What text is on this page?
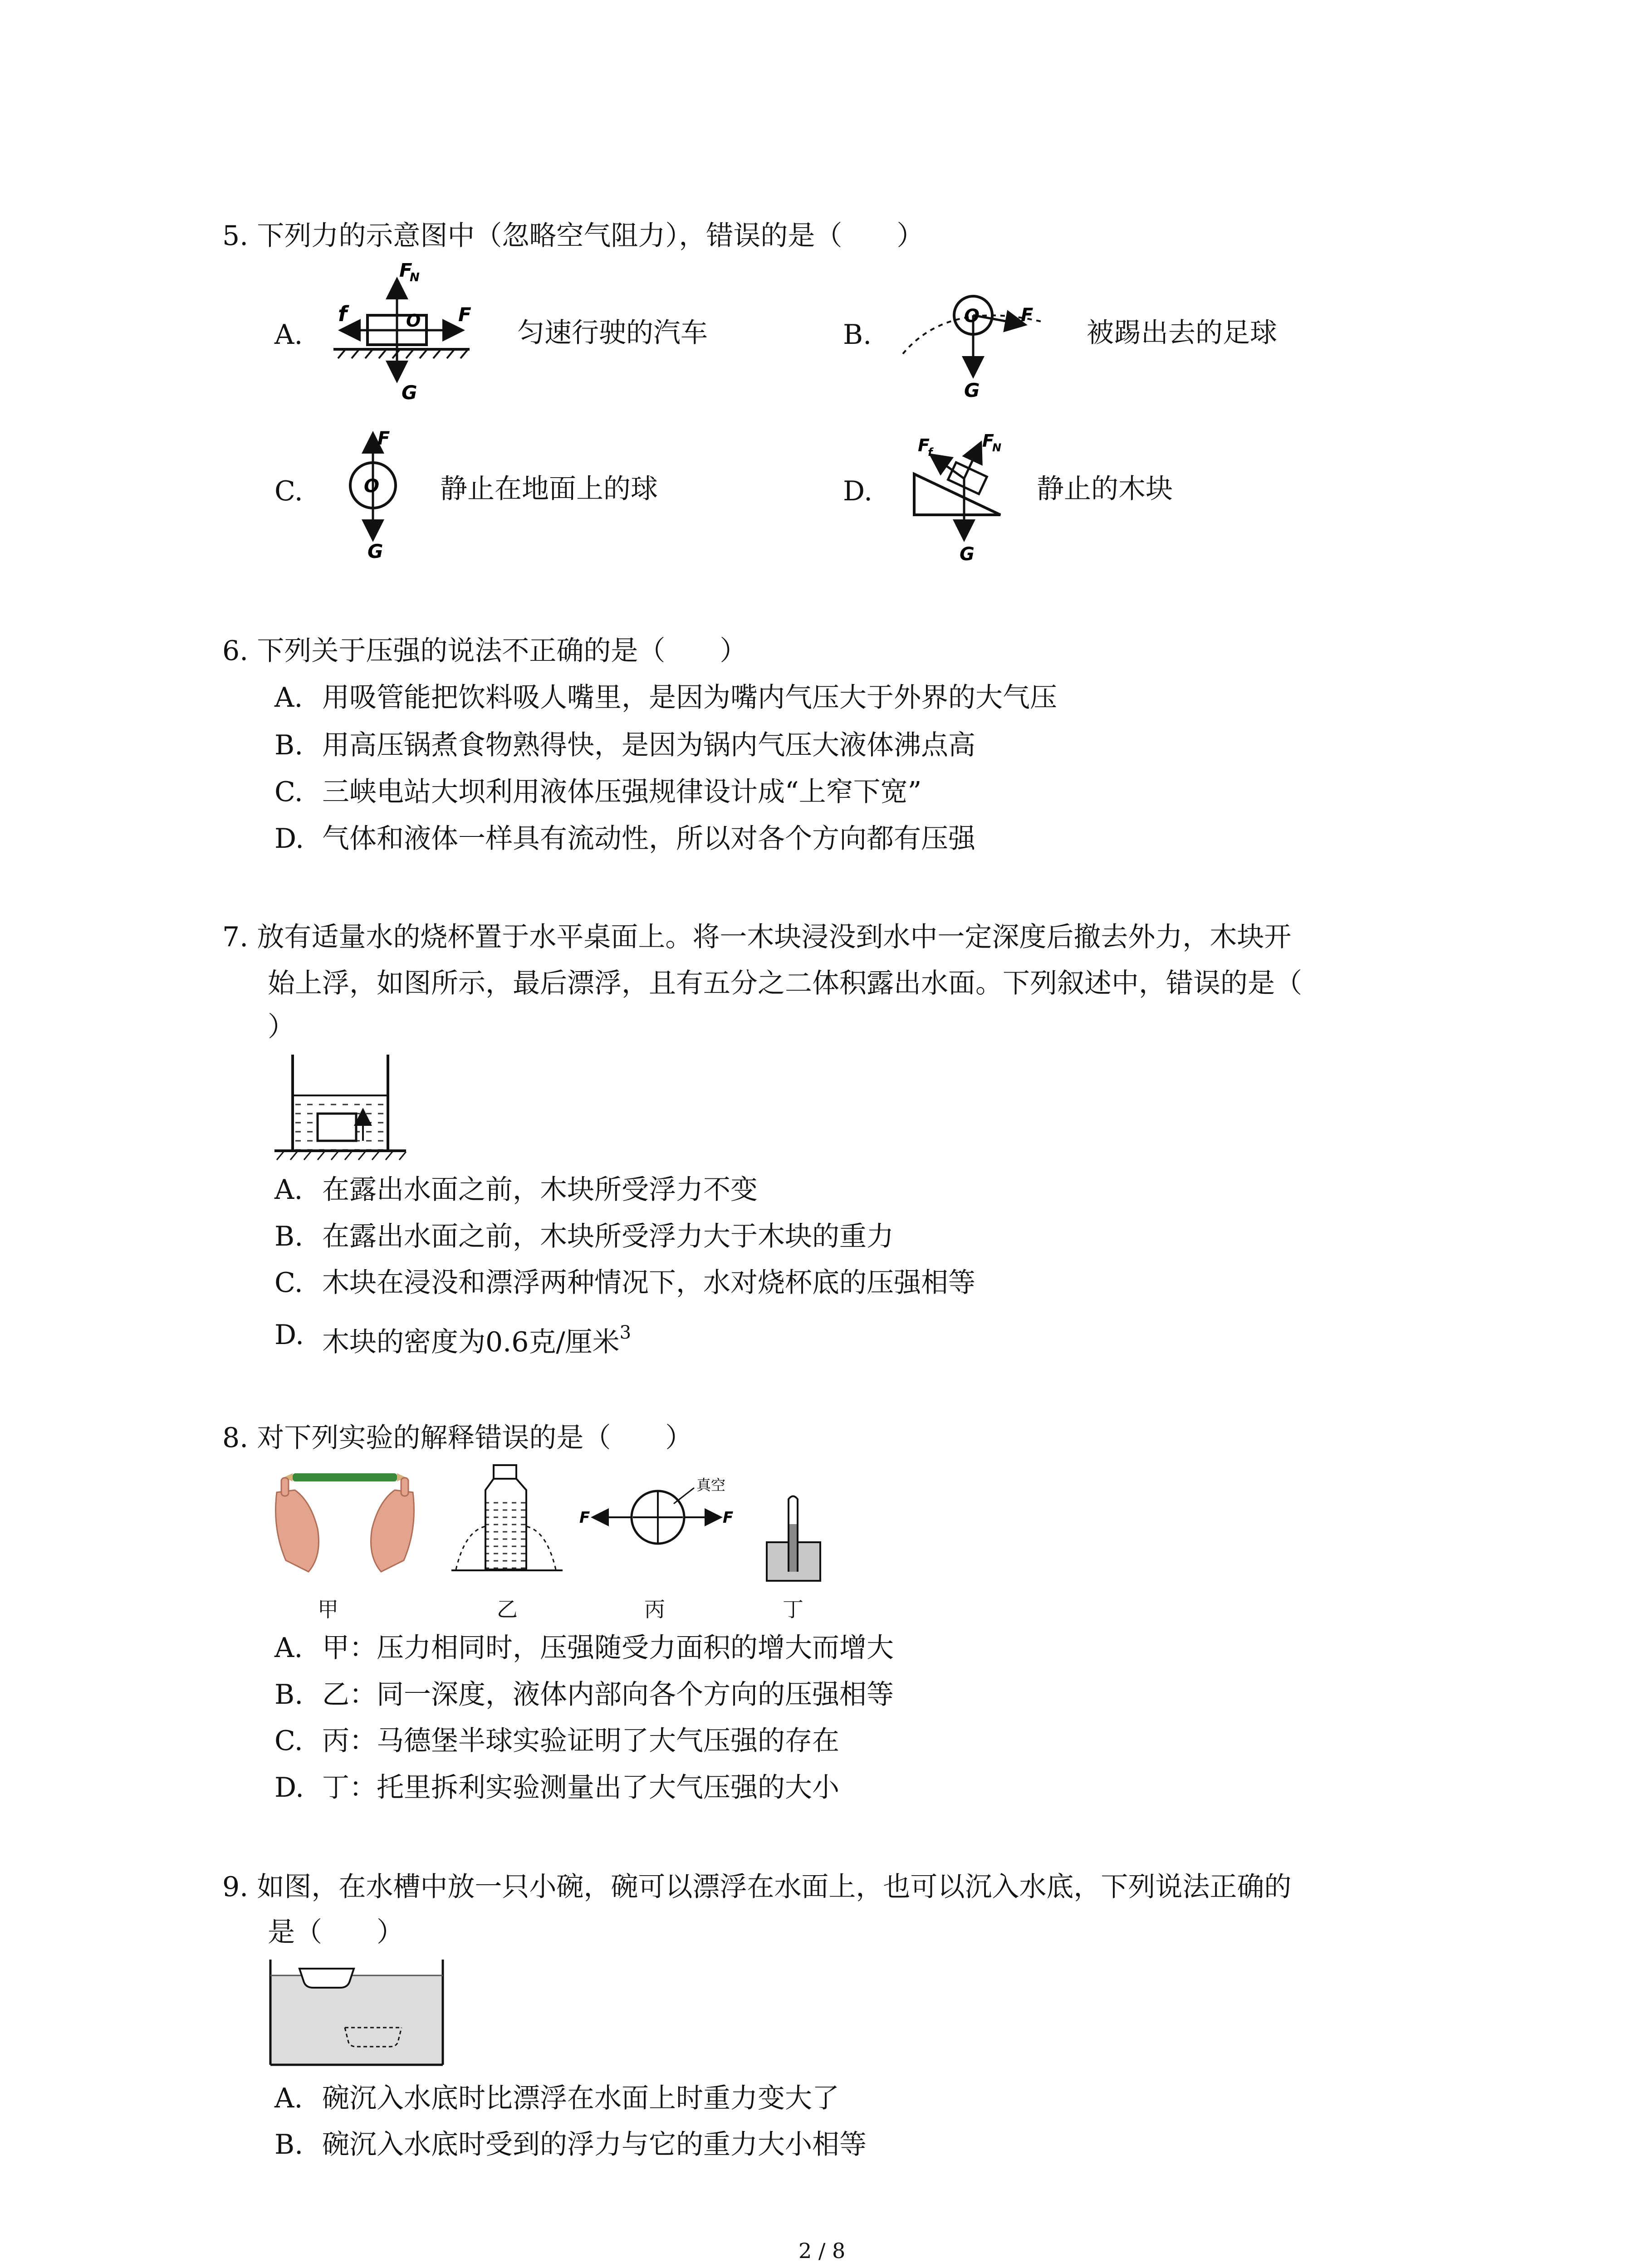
5. 下列力的示意图中（忽略空气阻力），错误的是（　　）
A.
F
N
f	O F
G
匀速行驶的汽车	B.
O F
G
被踢出去的足球
C.
F
O
G
静止在地面上的球	D.
F
f
F
N
G
静止的木块
6. 下列关于压强的说法不正确的是（　　）
A. 用吸管能把饮料吸人嘴里，是因为嘴内气压大于外界的大气压
B. 用高压锅煮食物熟得快，是因为锅内气压大液体沸点高
C. 三峡电站大坝利用液体压强规律设计成“上窄下宽”
D. 气体和液体一样具有流动性，所以对各个方向都有压强
7. 放有适量水的烧杯置于水平桌面上。将一木块浸没到水中一定深度后撤去外力，木块开
始上浮，如图所示，最后漂浮，且有五分之二体积露出水面。下列叙述中，错误的是（
）
A. 在露出水面之前，木块所受浮力不变
B. 在露出水面之前，木块所受浮力大于木块的重力
C. 木块在浸没和漂浮两种情况下，水对烧杯底的压强相等
D. 木块的密度为0.6克/厘米$^3$
8. 对下列实验的解释错误的是（　　）
F	F
真空
甲	乙	丙	丁
A. 甲：压力相同时，压强随受力面积的增大而增大
B. 乙：同一深度，液体内部向各个方向的压强相等
C. 丙：马德堡半球实验证明了大气压强的存在
D. 丁：托里拆利实验测量出了大气压强的大小
9. 如图，在水槽中放一只小碗，碗可以漂浮在水面上，也可以沉入水底，下列说法正确的
是（　　）
A. 碗沉入水底时比漂浮在水面上时重力变大了
B. 碗沉入水底时受到的浮力与它的重力大小相等
2 / 8
